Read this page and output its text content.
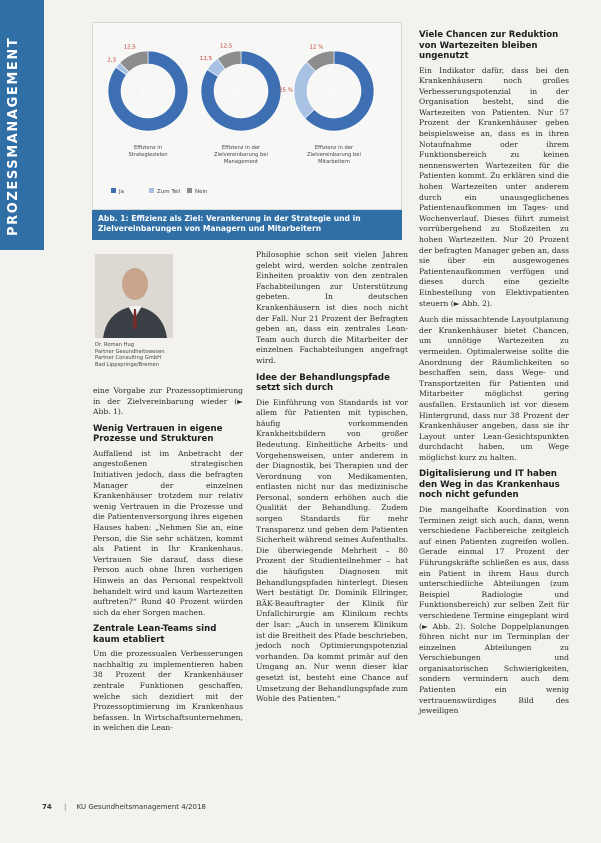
PROZESSMANAGEMENT	2,3
12,5
85 %
Effizienz in
Strategiezielen
12,5
12,5
84 %
Effizienz in der
Zielvereinbarung bei
Management
25 %
12 %
63 %
Effizienz in der
Zielvereinbarung bei
Mitarbeitern
Ja	Zum Teil	Nein
Abb. 1: Effizienz als Ziel: Verankerung in der Strategie und in Zielvereinbarungen von Managern und Mitarbeitern
Dr. Roman Hug
Partner Gesundheitswesen
Partner Consulting GmbH
Bad Lippspringe/Bremen

eine Vorgabe zur Prozessoptimierung in der Zielvereinbarung wieder (► Abb. 1).

Wenig Vertrauen in eigene Prozesse und Strukturen

Auffallend ist im Anbetracht der angestoßenen strategischen Initiativen jedoch, dass die befragten Manager der einzelnen Krankenhäuser trotzdem nur relativ wenig Vertrauen in die Prozesse und die Patientenversorgung ihres eigenen Hauses haben: „Nehmen Sie an, eine Person, die Sie sehr schätzen, kommt als Patient in Ihr Krankenhaus. Vertrauen Sie darauf, dass diese Person auch ohne Ihren vorherigen Hinweis an das Personal respektvoll behandelt wird und kaum Wartezeiten auftreten?“ Rund 40 Prozent würden sich da eher Sorgen machen.

Zentrale Lean-Teams sind kaum etabliert

Um die prozessualen Verbesserungen nachhaltig zu implementieren haben 38 Prozent der Krankenhäuser zentrale Funktionen geschaffen, welche sich dezidiert mit der Prozessoptimierung im Krankenhaus befassen. In Wirtschaftsunternehmen, in welchen die Lean-

Philosophie schon seit vielen Jahren gelebt wird, werden solche zentralen Einheiten proaktiv von den zentralen Fachabteilungen zur Unterstützung gebeten. In deutschen Krankenhäusern ist dies noch nicht der Fall. Nur 21 Prozent der Befragten geben an, dass ein zentrales Lean-Team auch durch die Mitarbeiter der einzelnen Fachabteilungen angefragt wird.

Idee der Behandlungspfade setzt sich durch

Die Einführung von Standards ist vor allem für Patienten mit typischen, häufig vorkommenden Krankheitsbildern von großer Bedeutung. Einheitliche Arbeits- und Vorgehensweisen, unter anderem in der Diagnostik, bei Therapien und der Verordnung von Medikamenten, entlasten nicht nur das medizinische Personal, sondern erhöhen auch die Qualität der Behandlung. Zudem sorgen Standards für mehr Transparenz und geben dem Patienten Sicherheit während seines Aufenthalts. Die überwiegende Mehrheit – 80 Prozent der Studienteilnehmer – hat die häufigsten Diagnosen mit Behandlungspfaden hinterlegt. Diesen Wert bestätigt Dr. Dominik Ellringer, BÄK-Beauftragter der Klinik für Unfallchirurgie am Klinikum rechts der Isar: „Auch in unserem Klinikum ist die Breitheit des Pfade beschrieben, jedoch noch Optimierungspotenzial vorhanden. Da kommt primär auf den Umgang an. Nur wenn dieser klar gesetzt ist, besteht eine Chance auf Umsetzung der Behandlungspfade zum Wohle des Patienten.“

Viele Chancen zur Reduktion von Wartezeiten bleiben ungenutzt

Ein Indikator dafür, dass bei den Krankenhäusern noch großes Verbesserungspotenzial in der Organisation besteht, sind die Wartezeiten von Patienten. Nur 57 Prozent der Krankenhäuser geben beispielsweise an, dass es in ihren Notaufnahme oder ihrem Funktionsbereich zu keinen nennenswerten Wartezeiten für die Patienten kommt. Zu erklären sind die hohen Wartezeiten unter anderem durch ein unausgeglichenes Patientenaufkommen im Tages- und Wochenverlauf. Dieses führt zumeist vorrübergehend zu Stoßzeiten zu hohen Wartezeiten. Nur 20 Prozent der befragten Manager geben an, dass sie über ein ausgewogenes Patientenaufkommen verfügen und dieses durch eine gezielte Einbestellung von Elektivpatienten steuern (► Abb. 2).

Auch die missachtende Layoutplanung der Krankenhäuser bietet Chancen, um unnötige Wartezeiten zu vermeiden. Optimalerweise sollte die Anordnung der Räumlichkeiten so beschaffen sein, dass Wege- und Transportzeiten für Patienten und Mitarbeiter möglichst gering ausfallen. Erstaunlich ist vor diesem Hintergrund, dass nur 38 Prozent der Krankenhäuser angeben, dass sie ihr Layout unter Lean-Gesichtspunkten durchdacht haben, um Wege möglichst kurz zu halten.

Digitalisierung und IT haben den Weg in das Krankenhaus noch nicht gefunden

Die mangelhafte Koordination von Terminen zeigt sich auch, dann, wenn verschiedene Fachbereiche zeitgleich auf einen Patienten zugreifen wollen. Gerade einmal 17 Prozent der Führungskräfte schließen es aus, dass ein Patient in ihrem Haus durch unterschiedliche Abteilungen (zum Beispiel Radiologie und Funktionsbereich) zur selben Zeit für verschiedene Termine eingeplant wird (► Abb. 2). Solche Doppelplanungen führen nicht nur im Terminplan der einzelnen Abteilungen zu Verschiebungen und organisatorischen Schwierigkeiten, sondern vermindern auch dem Patienten ein wenig vertrauenswürdiges Bild des jeweiligen

74 | KU Gesundheitsmanagement 4/2018
